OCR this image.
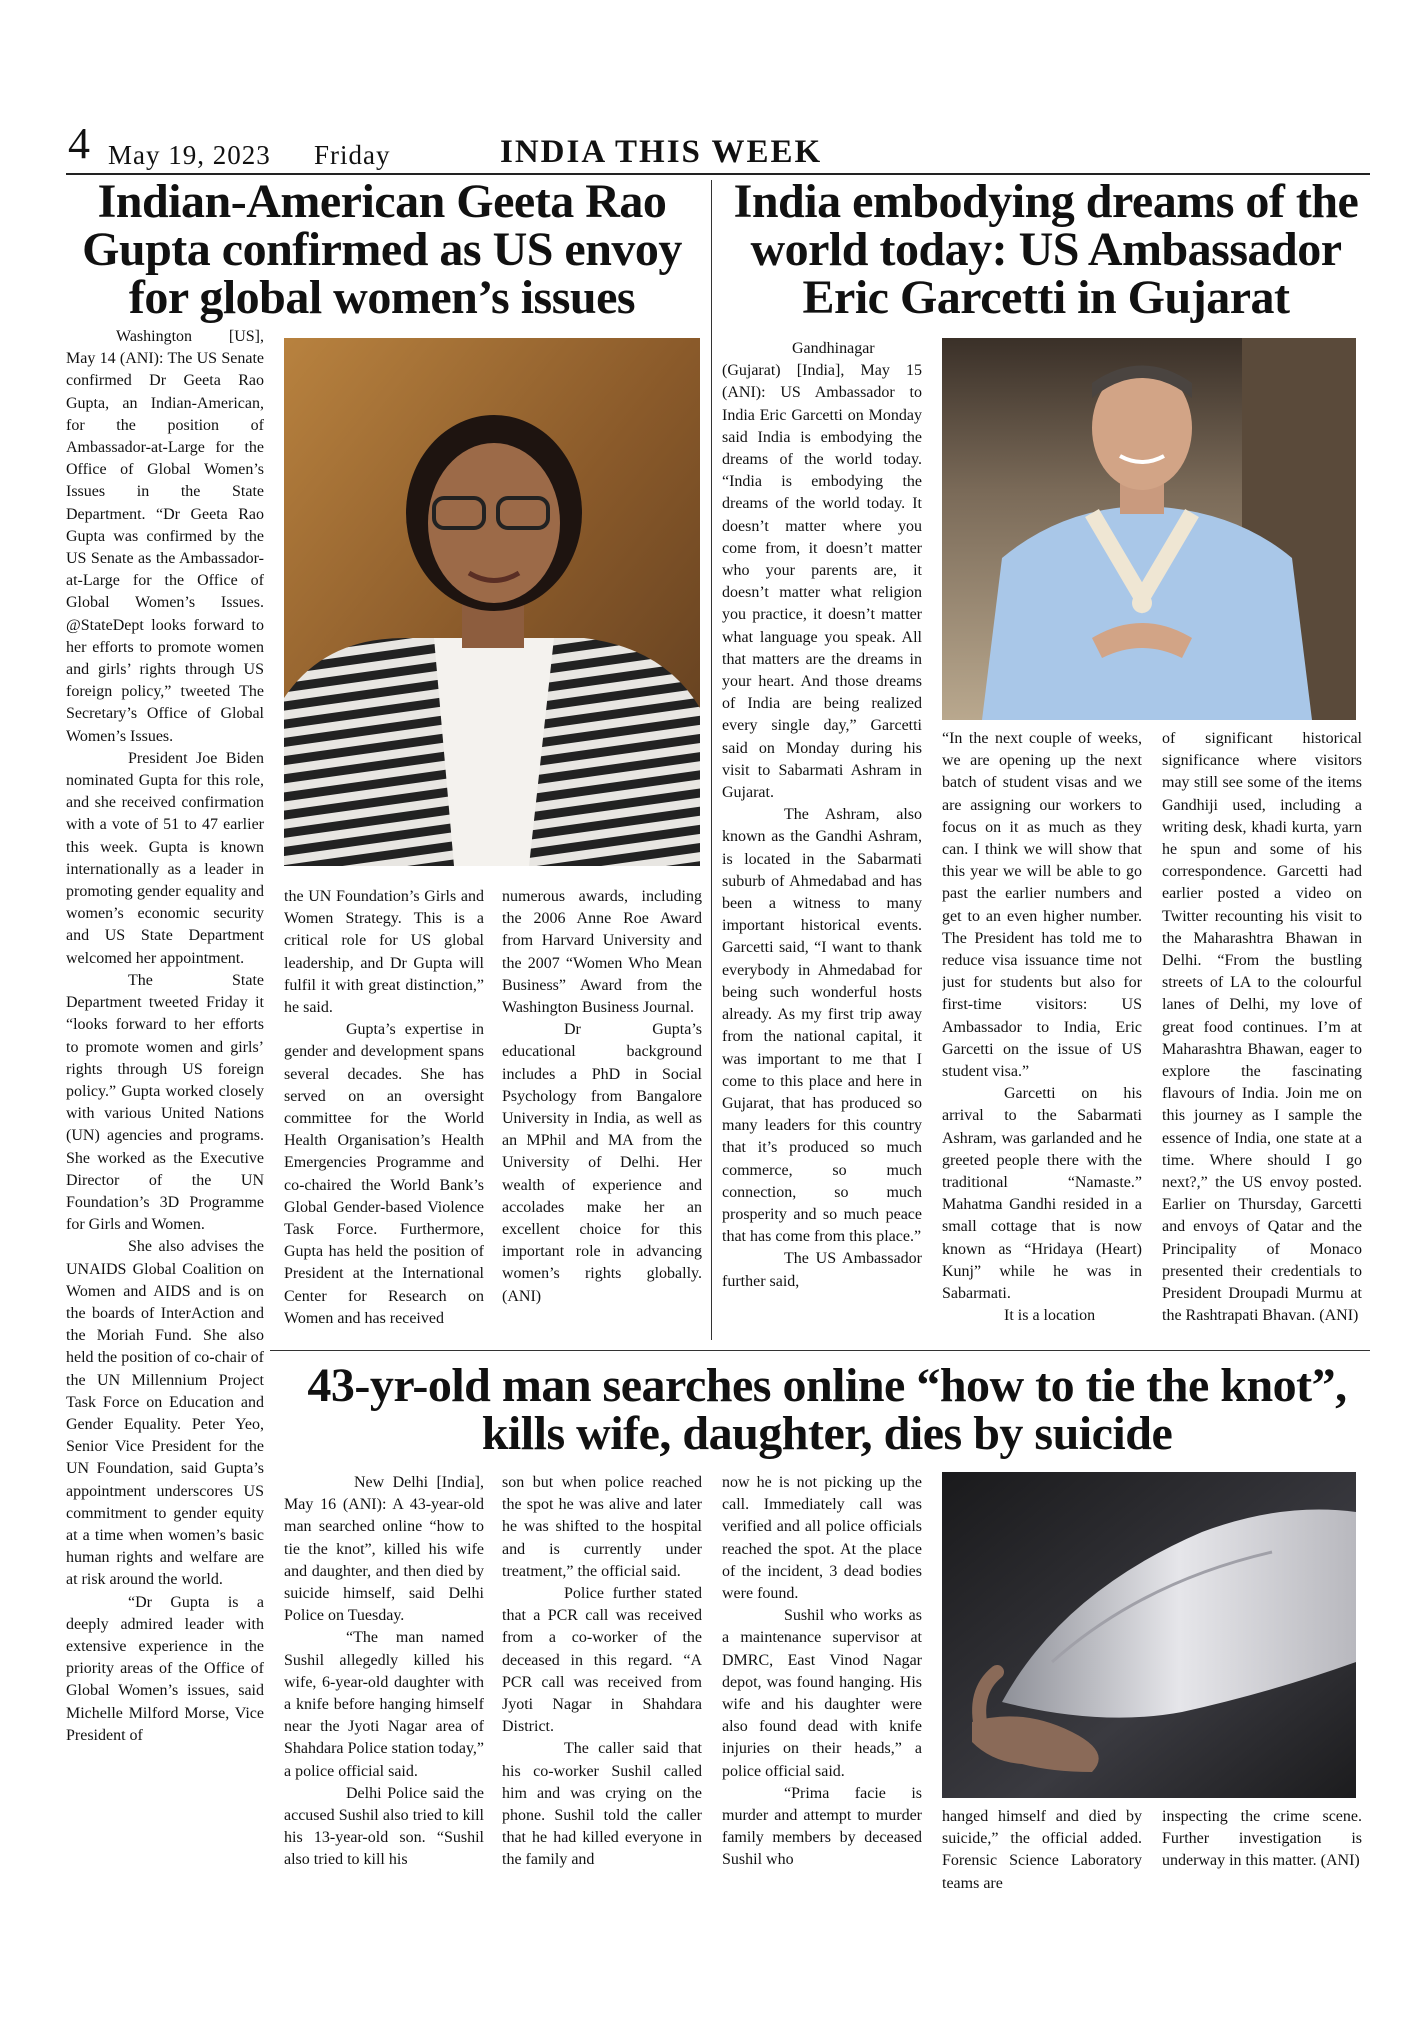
4 May 19, 2023 Friday	INDIA THIS WEEK
Indian-American Geeta Rao Gupta confirmed as US envoy for global women’s issues

Washington [US], May 14 (ANI): The US Senate confirmed Dr Geeta Rao Gupta, an Indian-American, for the position of Ambassador-at-Large for the Office of Global Women’s Issues in the State Department. “Dr Geeta Rao Gupta was confirmed by the US Senate as the Ambassador-at-Large for the Office of Global Women’s Issues. @StateDept looks forward to her efforts to promote women and girls’ rights through US foreign policy,” tweeted The Secretary’s Office of Global Women’s Issues.

President Joe Biden nominated Gupta for this role, and she received confirmation with a vote of 51 to 47 earlier this week. Gupta is known internationally as a leader in promoting gender equality and women’s economic security and US State Department welcomed her appointment.

The State Department tweeted Friday it “looks forward to her efforts to promote women and girls’ rights through US foreign policy.” Gupta worked closely with various United Nations (UN) agencies and programs. She worked as the Executive Director of the UN Foundation’s 3D Programme for Girls and Women.

She also advises the UNAIDS Global Coalition on Women and AIDS and is on the boards of InterAction and the Moriah Fund. She also held the position of co-chair of the UN Millennium Project Task Force on Education and Gender Equality. Peter Yeo, Senior Vice President for the UN Foundation, said Gupta’s appointment underscores US commitment to gender equity at a time when women’s basic human rights and welfare are at risk around the world.

“Dr Gupta is a deeply admired leader with extensive experience in the priority areas of the Office of Global Women’s issues, said Michelle Milford Morse, Vice President of

the UN Foundation’s Girls and Women Strategy. This is a critical role for US global leadership, and Dr Gupta will fulfil it with great distinction,” he said.

Gupta’s expertise in gender and development spans several decades. She has served on an oversight committee for the World Health Organisation’s Health Emergencies Programme and co-chaired the World Bank’s Global Gender-based Violence Task Force. Furthermore, Gupta has held the position of President at the International Center for Research on Women and has received

numerous awards, including the 2006 Anne Roe Award from Harvard University and the 2007 “Women Who Mean Business” Award from the Washington Business Journal.

Dr Gupta’s educational background includes a PhD in Social Psychology from Bangalore University in India, as well as an MPhil and MA from the University of Delhi. Her wealth of experience and accolades make her an excellent choice for this important role in advancing women’s rights globally. (ANI)

India embodying dreams of the world today: US Ambassador Eric Garcetti in Gujarat

Gandhinagar (Gujarat) [India], May 15 (ANI): US Ambassador to India Eric Garcetti on Monday said India is embodying the dreams of the world today. “India is embodying the dreams of the world today. It doesn’t matter where you come from, it doesn’t matter who your parents are, it doesn’t matter what religion you practice, it doesn’t matter what language you speak. All that matters are the dreams in your heart. And those dreams of India are being realized every single day,” Garcetti said on Monday during his visit to Sabarmati Ashram in Gujarat.

The Ashram, also known as the Gandhi Ashram, is located in the Sabarmati suburb of Ahmedabad and has been a witness to many important historical events. Garcetti said, “I want to thank everybody in Ahmedabad for being such wonderful hosts already. As my first trip away from the national capital, it was important to me that I come to this place and here in Gujarat, that has produced so many leaders for this country that it’s produced so much commerce, so much connection, so much prosperity and so much peace that has come from this place.”

The US Ambassador further said,

“In the next couple of weeks, we are opening up the next batch of student visas and we are assigning our workers to focus on it as much as they can. I think we will show that this year we will be able to go past the earlier numbers and get to an even higher number. The President has told me to reduce visa issuance time not just for students but also for first-time visitors: US Ambassador to India, Eric Garcetti on the issue of US student visa.”

Garcetti on his arrival to the Sabarmati Ashram, was garlanded and he greeted people there with the traditional “Namaste.” Mahatma Gandhi resided in a small cottage that is now known as “Hridaya (Heart) Kunj” while he was in Sabarmati.

It is a location

of significant historical significance where visitors may still see some of the items Gandhiji used, including a writing desk, khadi kurta, yarn he spun and some of his correspondence. Garcetti had earlier posted a video on Twitter recounting his visit to the Maharashtra Bhawan in Delhi. “From the bustling streets of LA to the colourful lanes of Delhi, my love of great food continues. I’m at Maharashtra Bhawan, eager to explore the fascinating flavours of India. Join me on this journey as I sample the essence of India, one state at a time. Where should I go next?,” the US envoy posted. Earlier on Thursday, Garcetti and envoys of Qatar and the Principality of Monaco presented their credentials to President Droupadi Murmu at the Rashtrapati Bhavan. (ANI)

43-yr-old man searches online “how to tie the knot”, kills wife, daughter, dies by suicide

New Delhi [India], May 16 (ANI): A 43-year-old man searched online “how to tie the knot”, killed his wife and daughter, and then died by suicide himself, said Delhi Police on Tuesday.

“The man named Sushil allegedly killed his wife, 6-year-old daughter with a knife before hanging himself near the Jyoti Nagar area of Shahdara Police station today,” a police official said.

Delhi Police said the accused Sushil also tried to kill his 13-year-old son. “Sushil also tried to kill his

son but when police reached the spot he was alive and later he was shifted to the hospital and is currently under treatment,” the official said.

Police further stated that a PCR call was received from a co-worker of the deceased in this regard. “A PCR call was received from Jyoti Nagar in Shahdara District.

The caller said that his co-worker Sushil called him and was crying on the phone. Sushil told the caller that he had killed everyone in the family and

now he is not picking up the call. Immediately call was verified and all police officials reached the spot. At the place of the incident, 3 dead bodies were found.

Sushil who works as a maintenance supervisor at DMRC, East Vinod Nagar depot, was found hanging. His wife and his daughter were also found dead with knife injuries on their heads,” a police official said.

“Prima facie is murder and attempt to murder family members by deceased Sushil who

hanged himself and died by suicide,” the official added. Forensic Science Laboratory teams are

inspecting the crime scene. Further investigation is underway in this matter. (ANI)
